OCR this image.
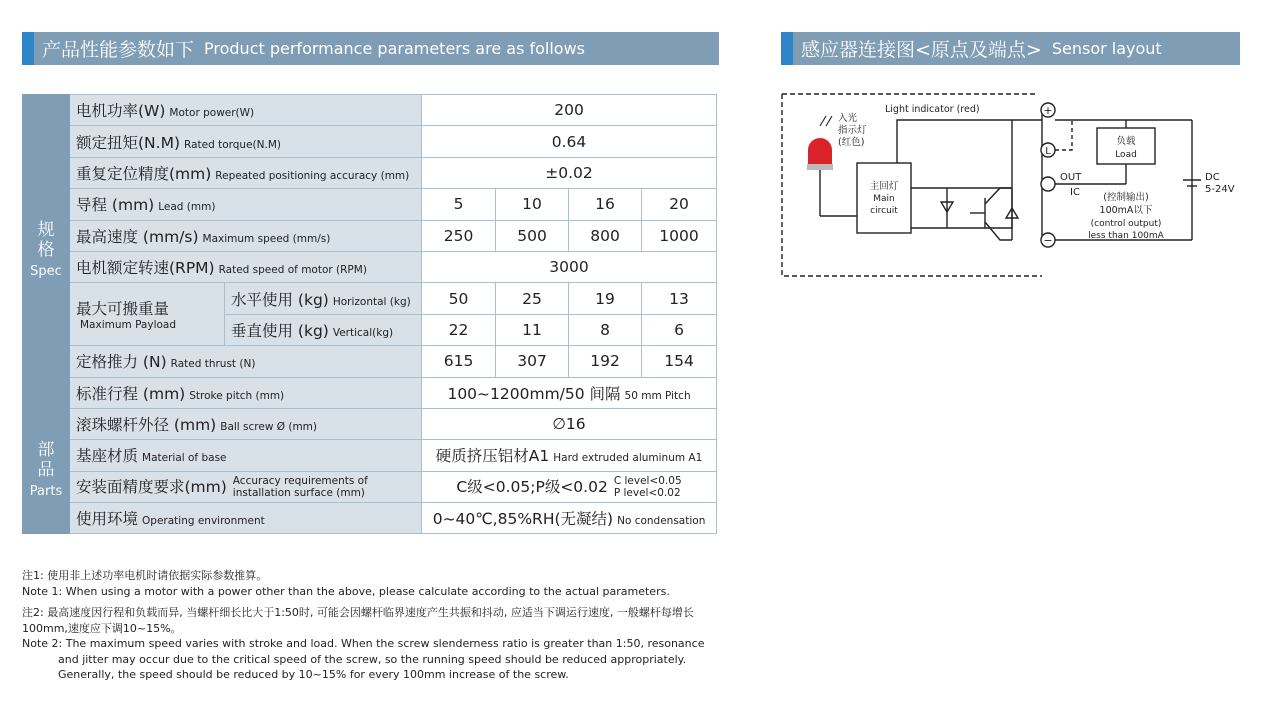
产品性能参数如下 Product performance parameters are as follows	感应器连接图<原点及端点> Sensor layout
规
格
Spec	电机功率(W) Motor power(W)		200			
	额定扭矩(N.M) Rated torque(N.M)		0.64			
	重复定位精度(mm) Repeated positioning accuracy (mm)		±0.02			
	导程 (mm) Lead (mm)		5	10	16	20
	最高速度 (mm/s) Maximum speed (mm/s)		250	500	800	1000
	电机额定转速(RPM) Rated speed of motor (RPM)		3000			
	最大可搬重量
Maximum Payload	水平使用 (kg) Horizontal (kg)	50	25	19	13
		垂直使用 (kg) Vertical(kg)	22	11	8	6
	定格推力 (N) Rated thrust (N)		615	307	192	154
	标准行程 (mm) Stroke pitch (mm)		100~1200mm/50 间隔 50 mm Pitch			
部
品
Parts	滚珠螺杆外径 (mm) Ball screw Ø (mm)		∅16			
	基座材质 Material of base		硬质挤压铝材A1 Hard extruded aluminum A1			
	安装面精度要求(mm) Accuracy requirements of
installation surface (mm)		C级<0.05;P级<0.02 C level<0.05
P level<0.02			
	使用环境 Operating environment		0~40℃,85%RH(无凝结) No condensation			

注1: 使用非上述功率电机时请依据实际参数推算。

Note 1: When using a motor with a power other than the above, please calculate according to the actual parameters.

注2: 最高速度因行程和负载而异, 当螺杆细长比大于1:50时, 可能会因螺杆临界速度产生共振和抖动, 应适当下调运行速度, 一般螺杆每增长100mm,速度应下调10~15%。

Note 2: The maximum speed varies with stroke and load. When the screw slenderness ratio is greater than 1:50, resonance and jitter may occur due to the critical speed of the screw, so the running speed should be reduced appropriately. Generally, the speed should be reduced by 10~15% for every 100mm increase of the screw.

+
L
−
Light indicator (red)
入光
指示灯
(红色)
主回灯
Main
circuit
负载
Load
OUT
IC (控制输出)
100mA以下
(control output)
less than 100mA
DC
5-24V
